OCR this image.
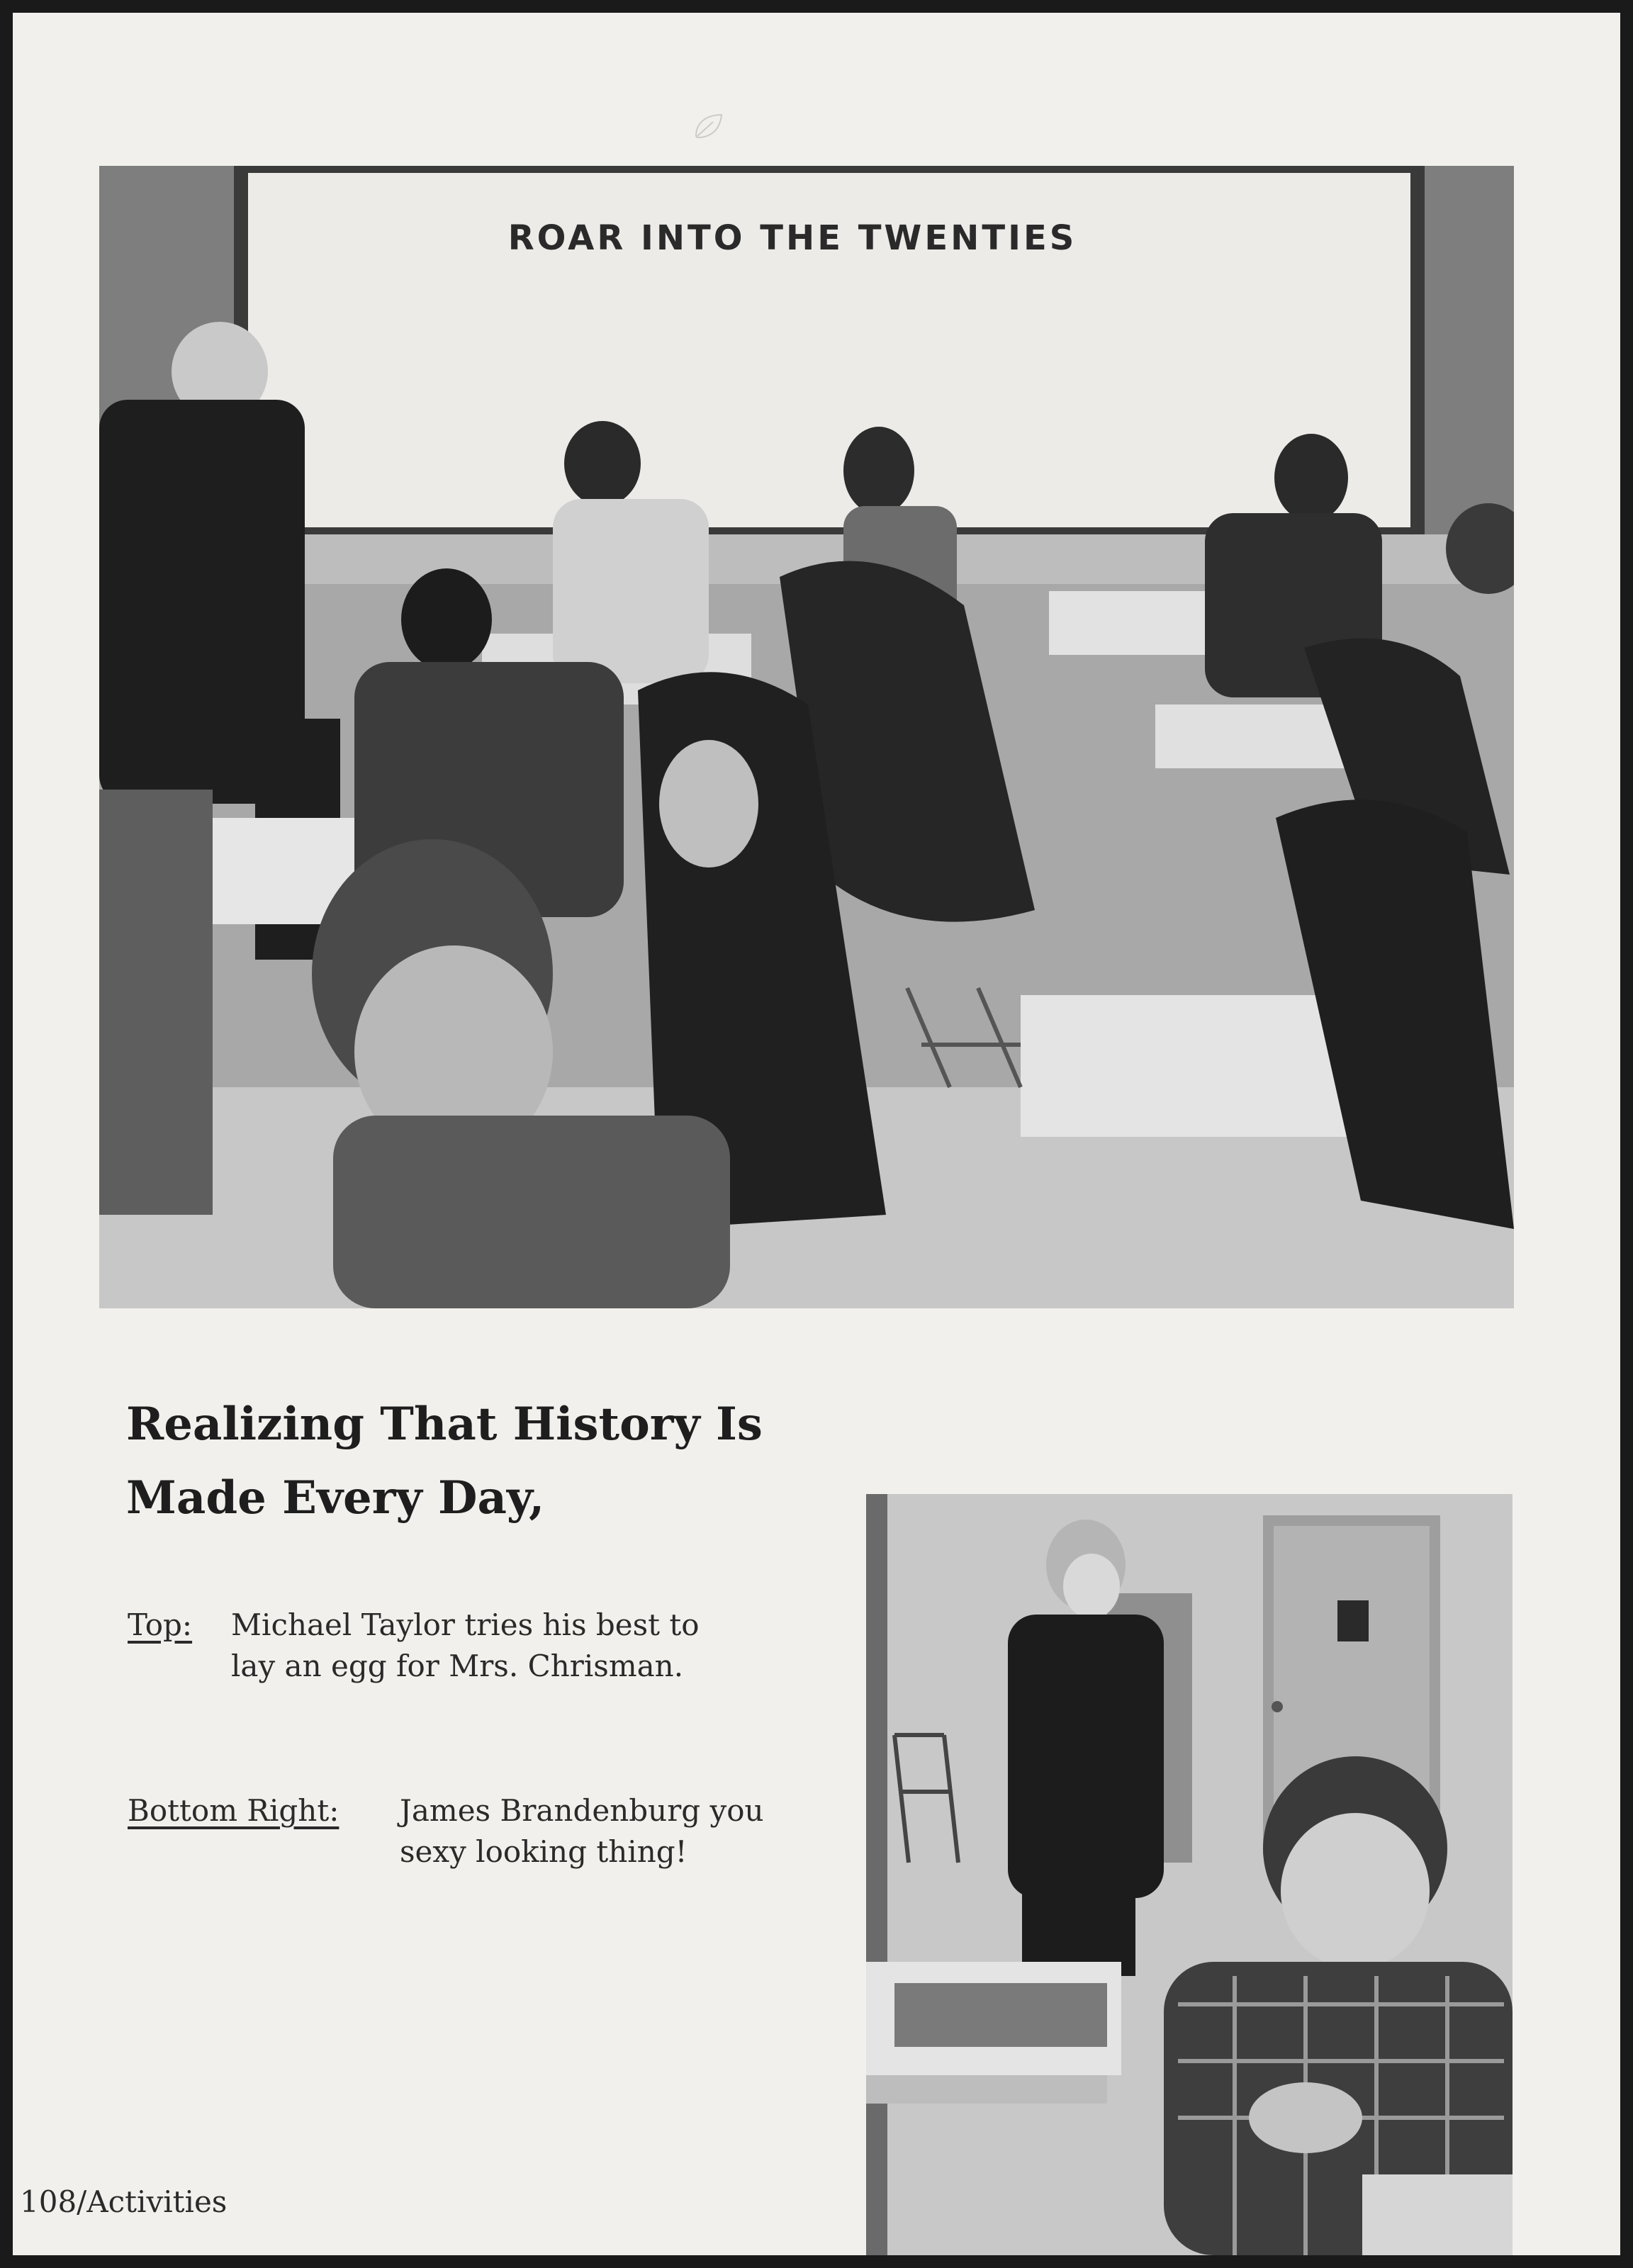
ROAR INTO THE TWENTIES
Realizing That History Is
Made Every Day,
Top: Michael Taylor tries his best to
lay an egg for Mrs. Chrisman.
Bottom Right: James Brandenburg you
sexy looking thing!
108/Activities
